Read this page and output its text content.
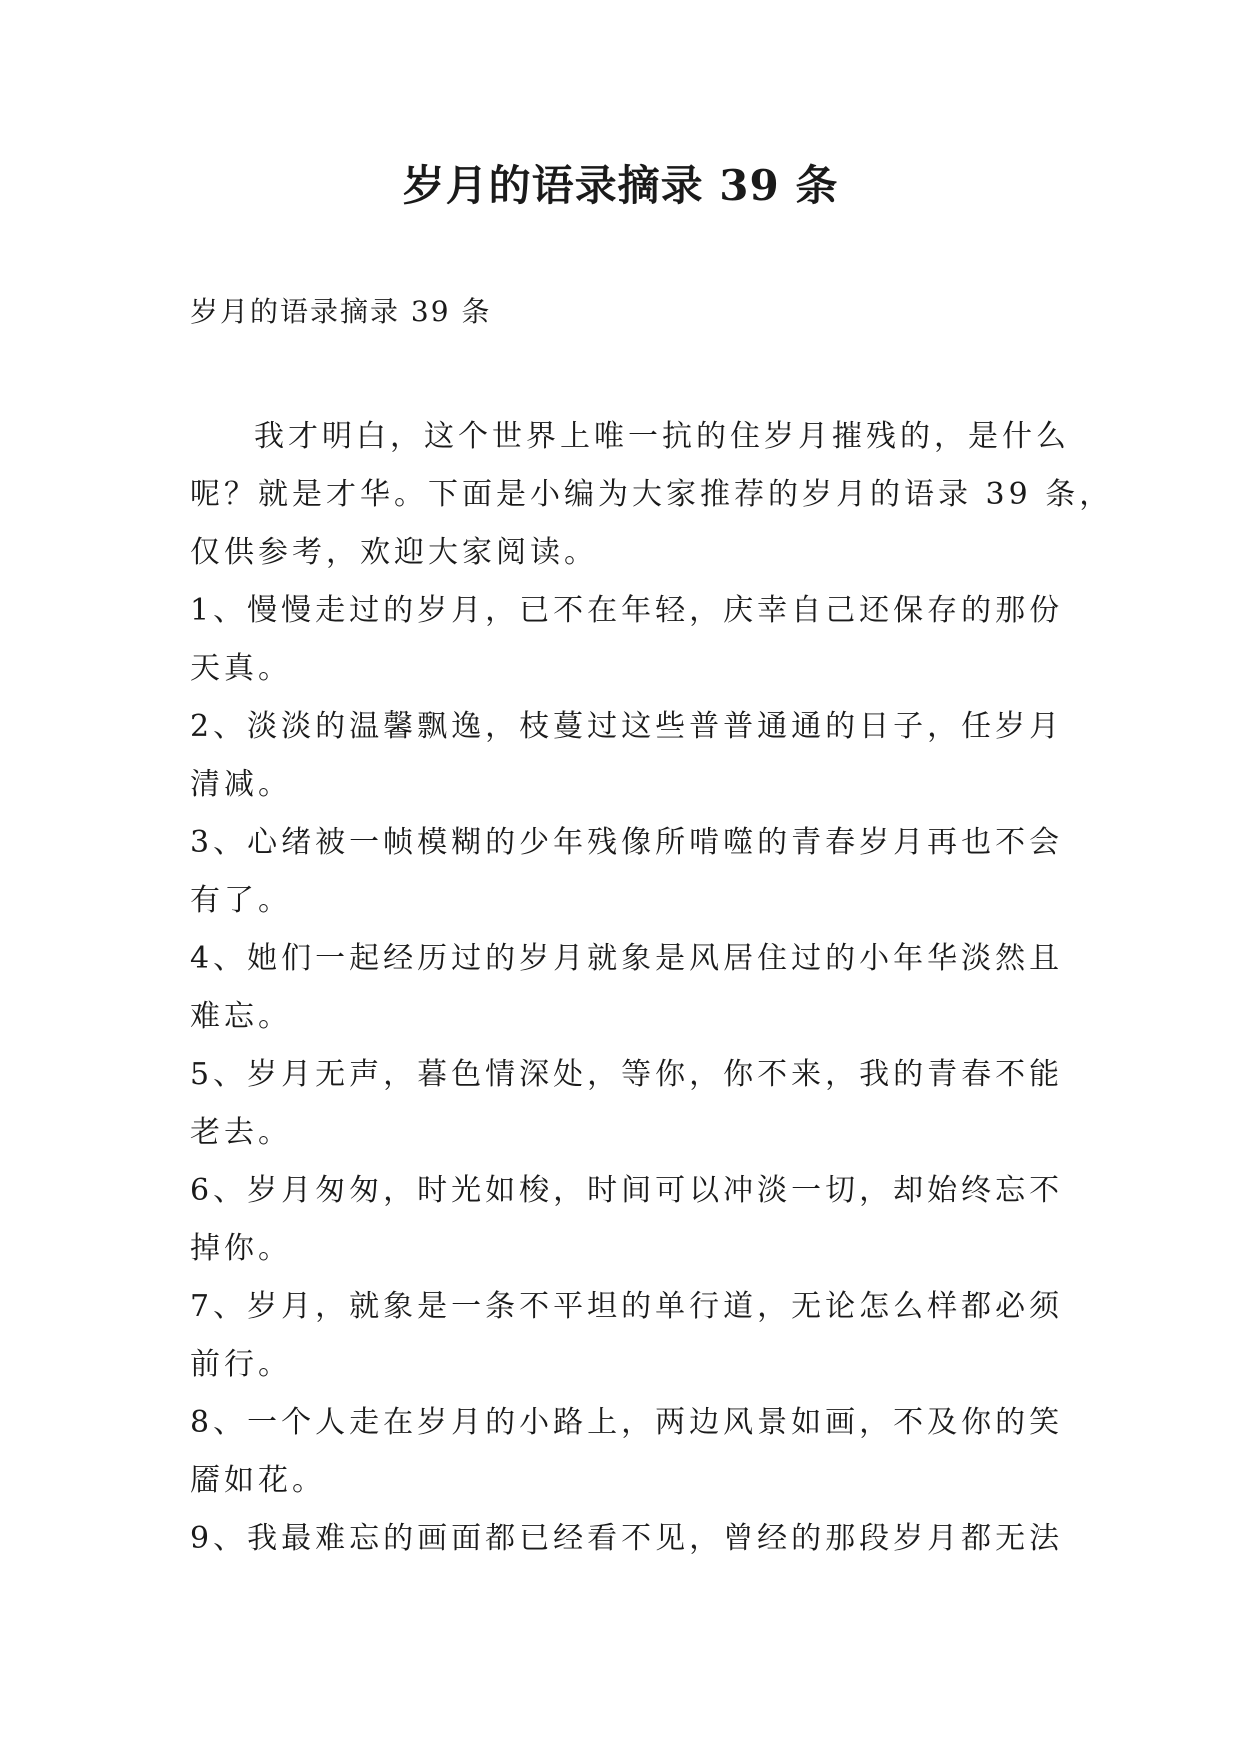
岁月的语录摘录 39 条
岁月的语录摘录 39 条

我才明白，这个世界上唯一抗的住岁月摧残的，是什么

呢？就是才华。下面是小编为大家推荐的岁月的语录 39 条，

仅供参考，欢迎大家阅读。

1、慢慢走过的岁月，已不在年轻，庆幸自己还保存的那份

天真。

2、淡淡的温馨飘逸，枝蔓过这些普普通通的日子，任岁月

清减。

3、心绪被一帧模糊的少年残像所啃噬的青春岁月再也不会

有了。

4、她们一起经历过的岁月就象是风居住过的小年华淡然且

难忘。

5、岁月无声，暮色情深处，等你，你不来，我的青春不能

老去。

6、岁月匆匆，时光如梭，时间可以冲淡一切，却始终忘不

掉你。

7、岁月，就象是一条不平坦的单行道，无论怎么样都必须

前行。

8、一个人走在岁月的小路上，两边风景如画，不及你的笑

靥如花。

9、我最难忘的画面都已经看不见，曾经的那段岁月都无法
